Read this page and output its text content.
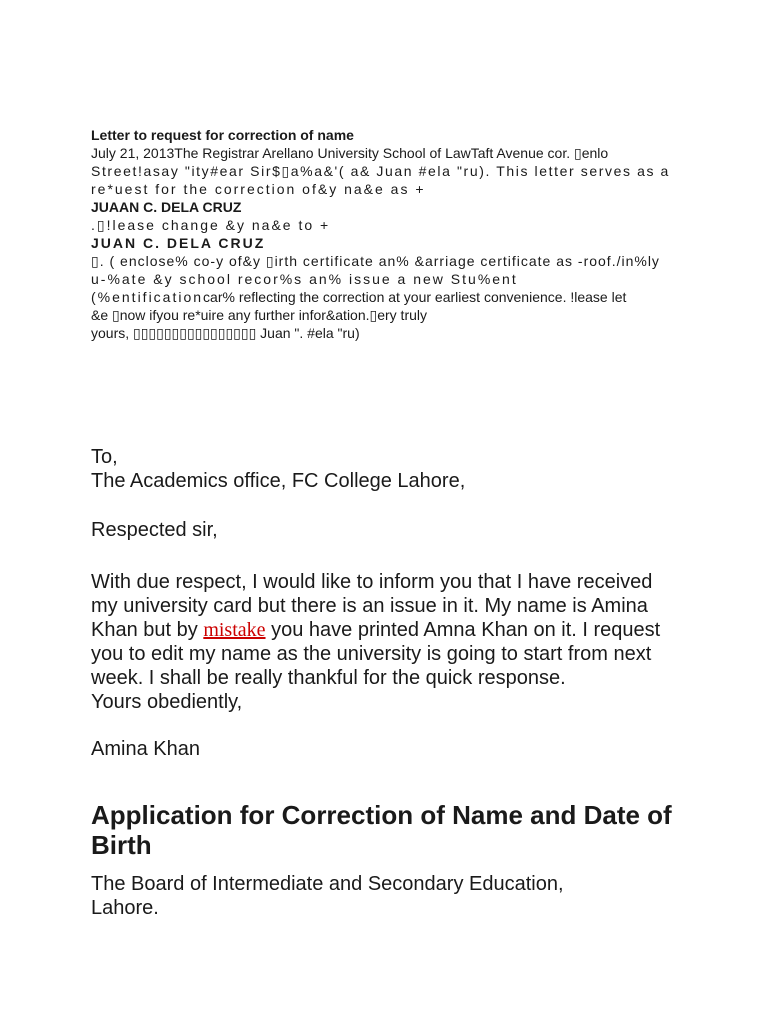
Letter to request for correction of name
July 21, 2013The Registrar Arellano University School of LawTaft Avenue cor. ▯enlo
Street!asay "ity#ear Sir$▯a%a&'( a& Juan #ela "ru). This letter serves as a
re*uest for the correction of&y na&e as +
JUAAN C. DELA CRUZ
.▯!lease change &y na&e to +
JUAN C. DELA CRUZ
▯. ( enclose% co-y of&y ▯irth certificate an% &arriage certificate as -roof./in%ly
u-%ate &y school recor%s an% issue a new Stu%ent
(%entificationcar% reflecting the correction at your earliest convenience. !lease let
&e ▯now ifyou re*uire any further infor&ation.▯ery truly
yours, ▯▯▯▯▯▯▯▯▯▯▯▯▯▯▯▯ Juan ". #ela "ru)
To,
The Academics office, FC College Lahore,
Respected sir,
With due respect, I would like to inform you that I have received
my university card but there is an issue in it. My name is Amina
Khan but by mistake you have printed Amna Khan on it. I request
you to edit my name as the university is going to start from next
week. I shall be really thankful for the quick response.
Yours obediently,
Amina Khan
Application for Correction of Name and Date of
Birth
The Board of Intermediate and Secondary Education,
Lahore.
